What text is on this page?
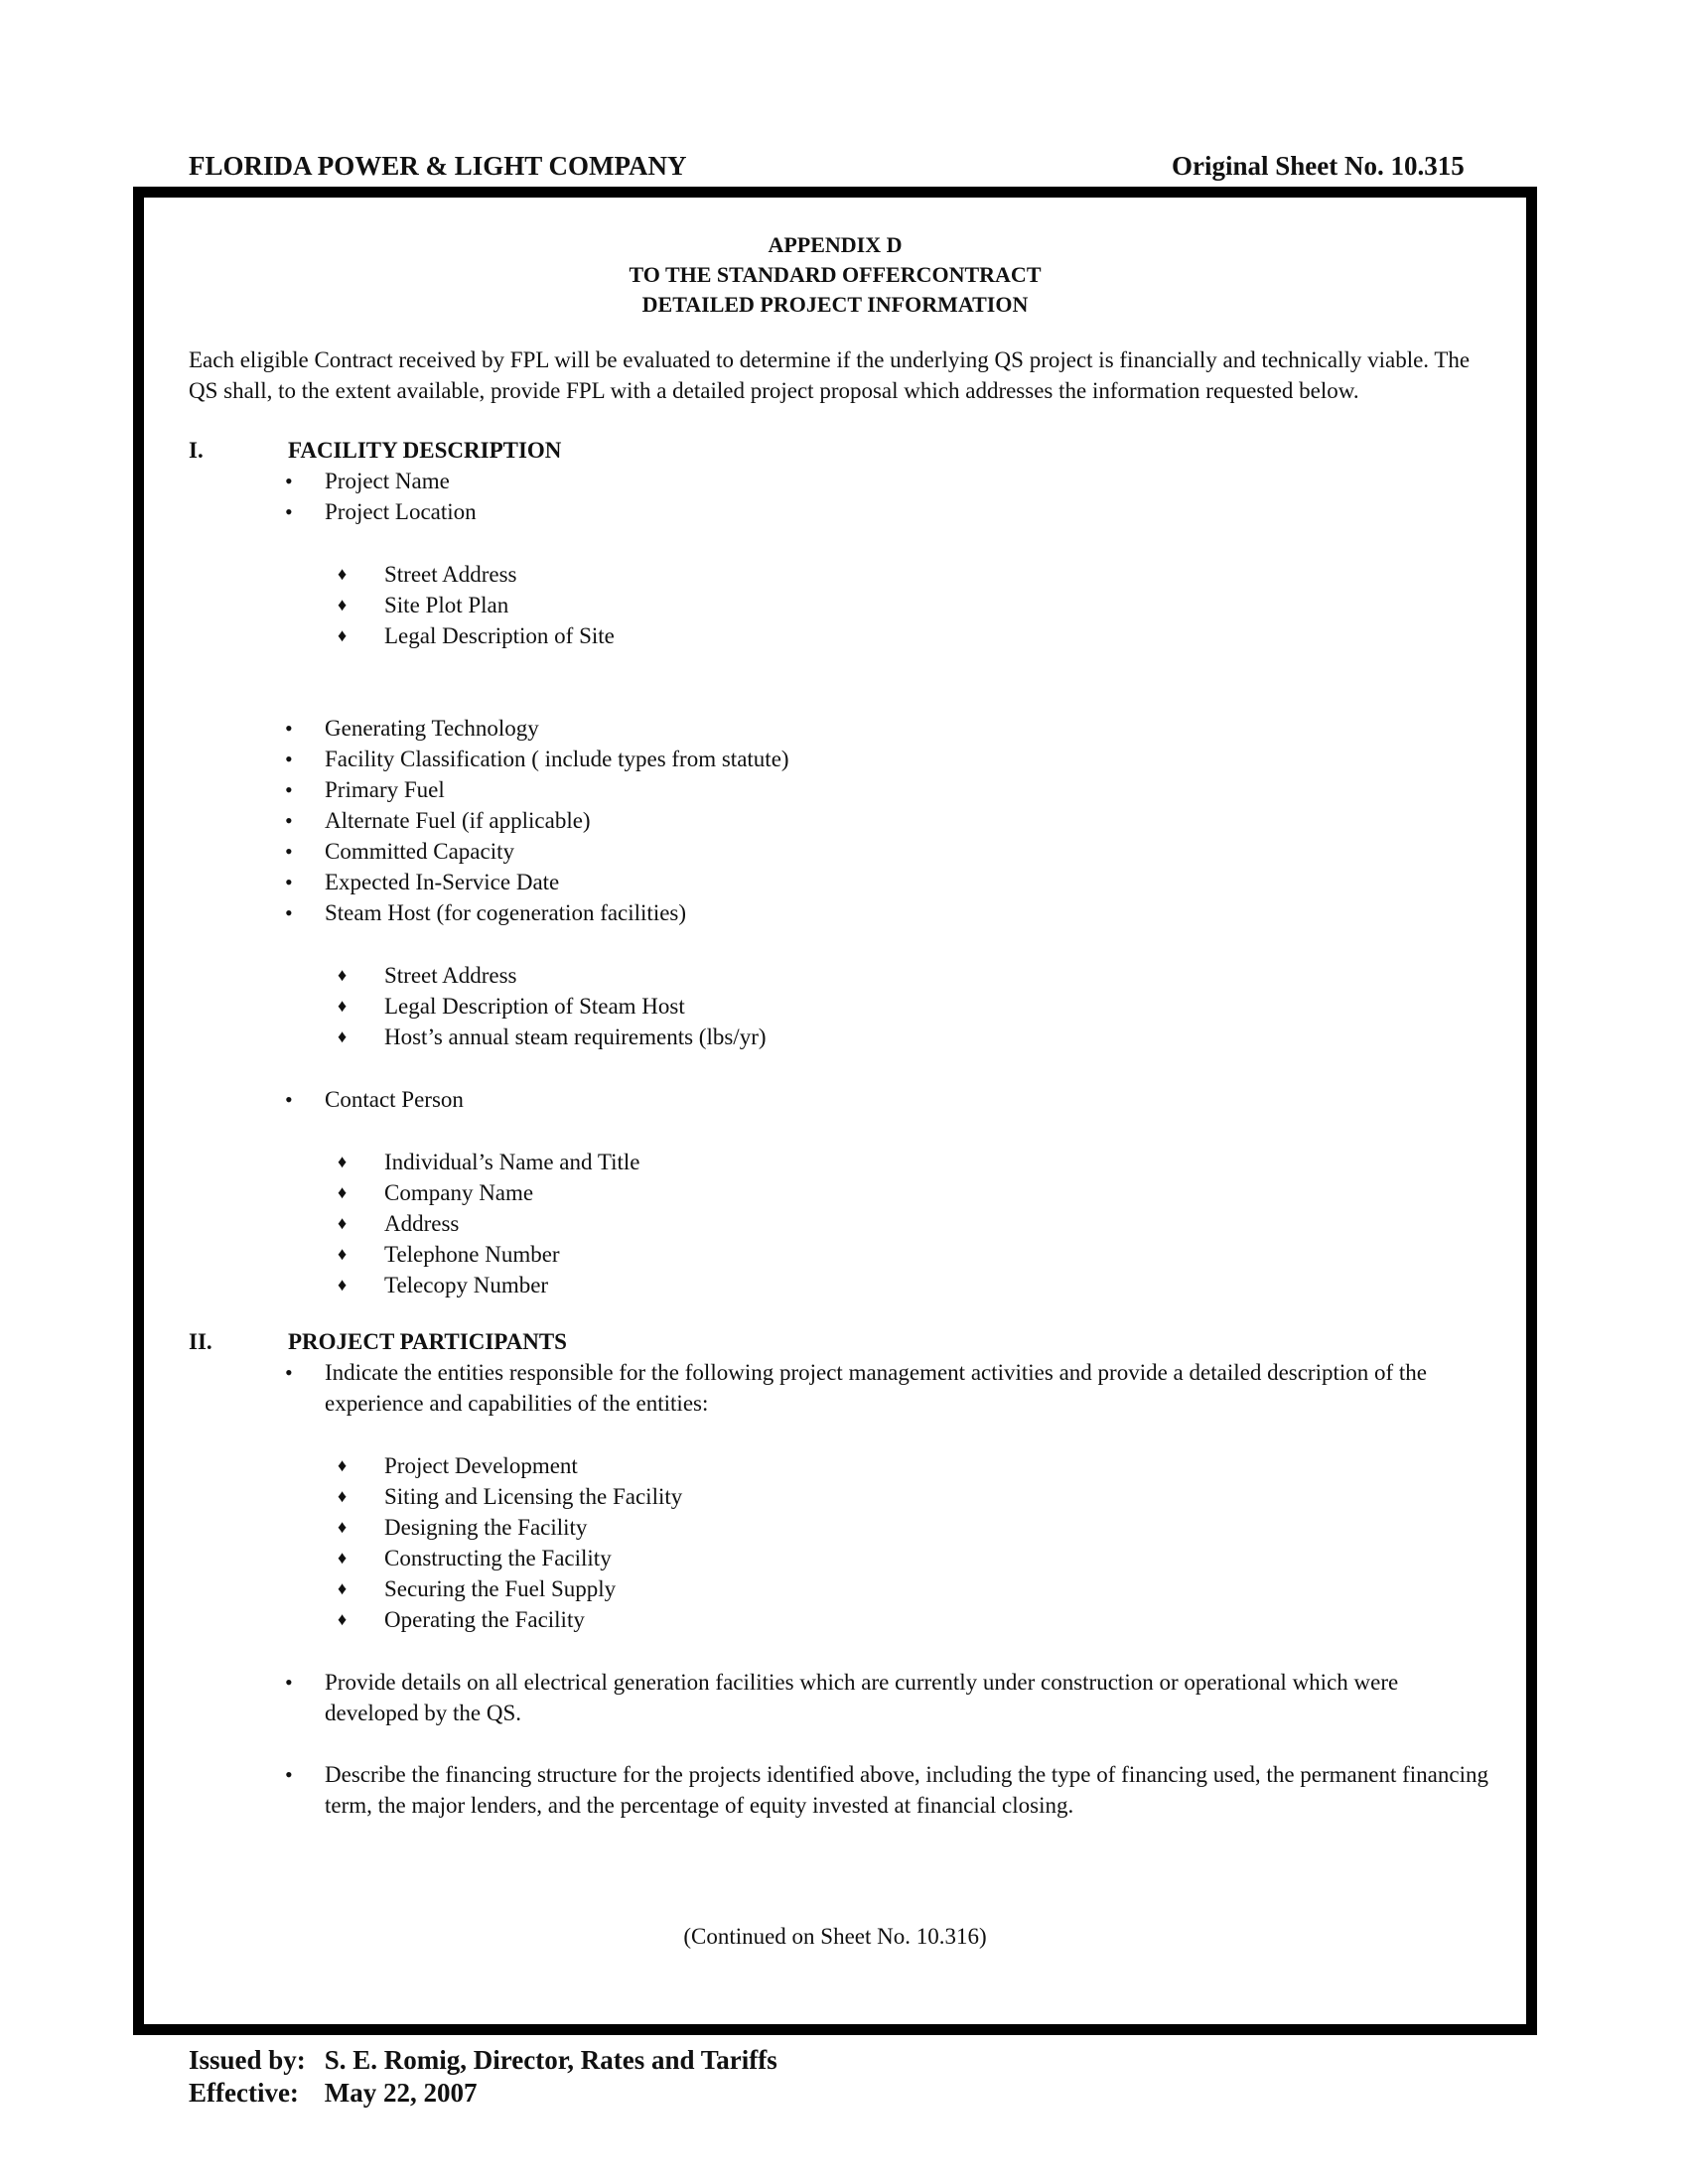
FLORIDA POWER & LIGHT COMPANY	Original Sheet No. 10.315
APPENDIX D
TO THE STANDARD OFFERCONTRACT
DETAILED PROJECT INFORMATION
Each eligible Contract received by FPL will be evaluated to determine if the underlying QS project is financially and technically viable. The
QS shall, to the extent available, provide FPL with a detailed project proposal which addresses the information requested below.
I.	FACILITY DESCRIPTION
• Project Name
• Project Location
♦ Street Address
♦ Site Plot Plan
♦ Legal Description of Site
• Generating Technology
• Facility Classification ( include types from statute)
• Primary Fuel
• Alternate Fuel (if applicable)
• Committed Capacity
• Expected In-Service Date
• Steam Host (for cogeneration facilities)
♦ Street Address
♦ Legal Description of Steam Host
♦ Host’s annual steam requirements (lbs/yr)
• Contact Person
♦ Individual’s Name and Title
♦ Company Name
♦ Address
♦ Telephone Number
♦ Telecopy Number
• Indicate the entities responsible for the following project management activities and provide a detailed description of the
experience and capabilities of the entities:
♦ Project Development
♦ Siting and Licensing the Facility
♦ Designing the Facility
♦ Constructing the Facility
♦ Securing the Fuel Supply
♦ Operating the Facility
• Provide details on all electrical generation facilities which are currently under construction or operational which were
developed by the QS.
• Describe the financing structure for the projects identified above, including the type of financing used, the permanent financing
term, the major lenders, and the percentage of equity invested at financial closing.
II.	PROJECT PARTICIPANTS
(Continued on Sheet No. 10.316)
Issued by: S. E. Romig, Director, Rates and Tariffs
Effective: May 22, 2007
